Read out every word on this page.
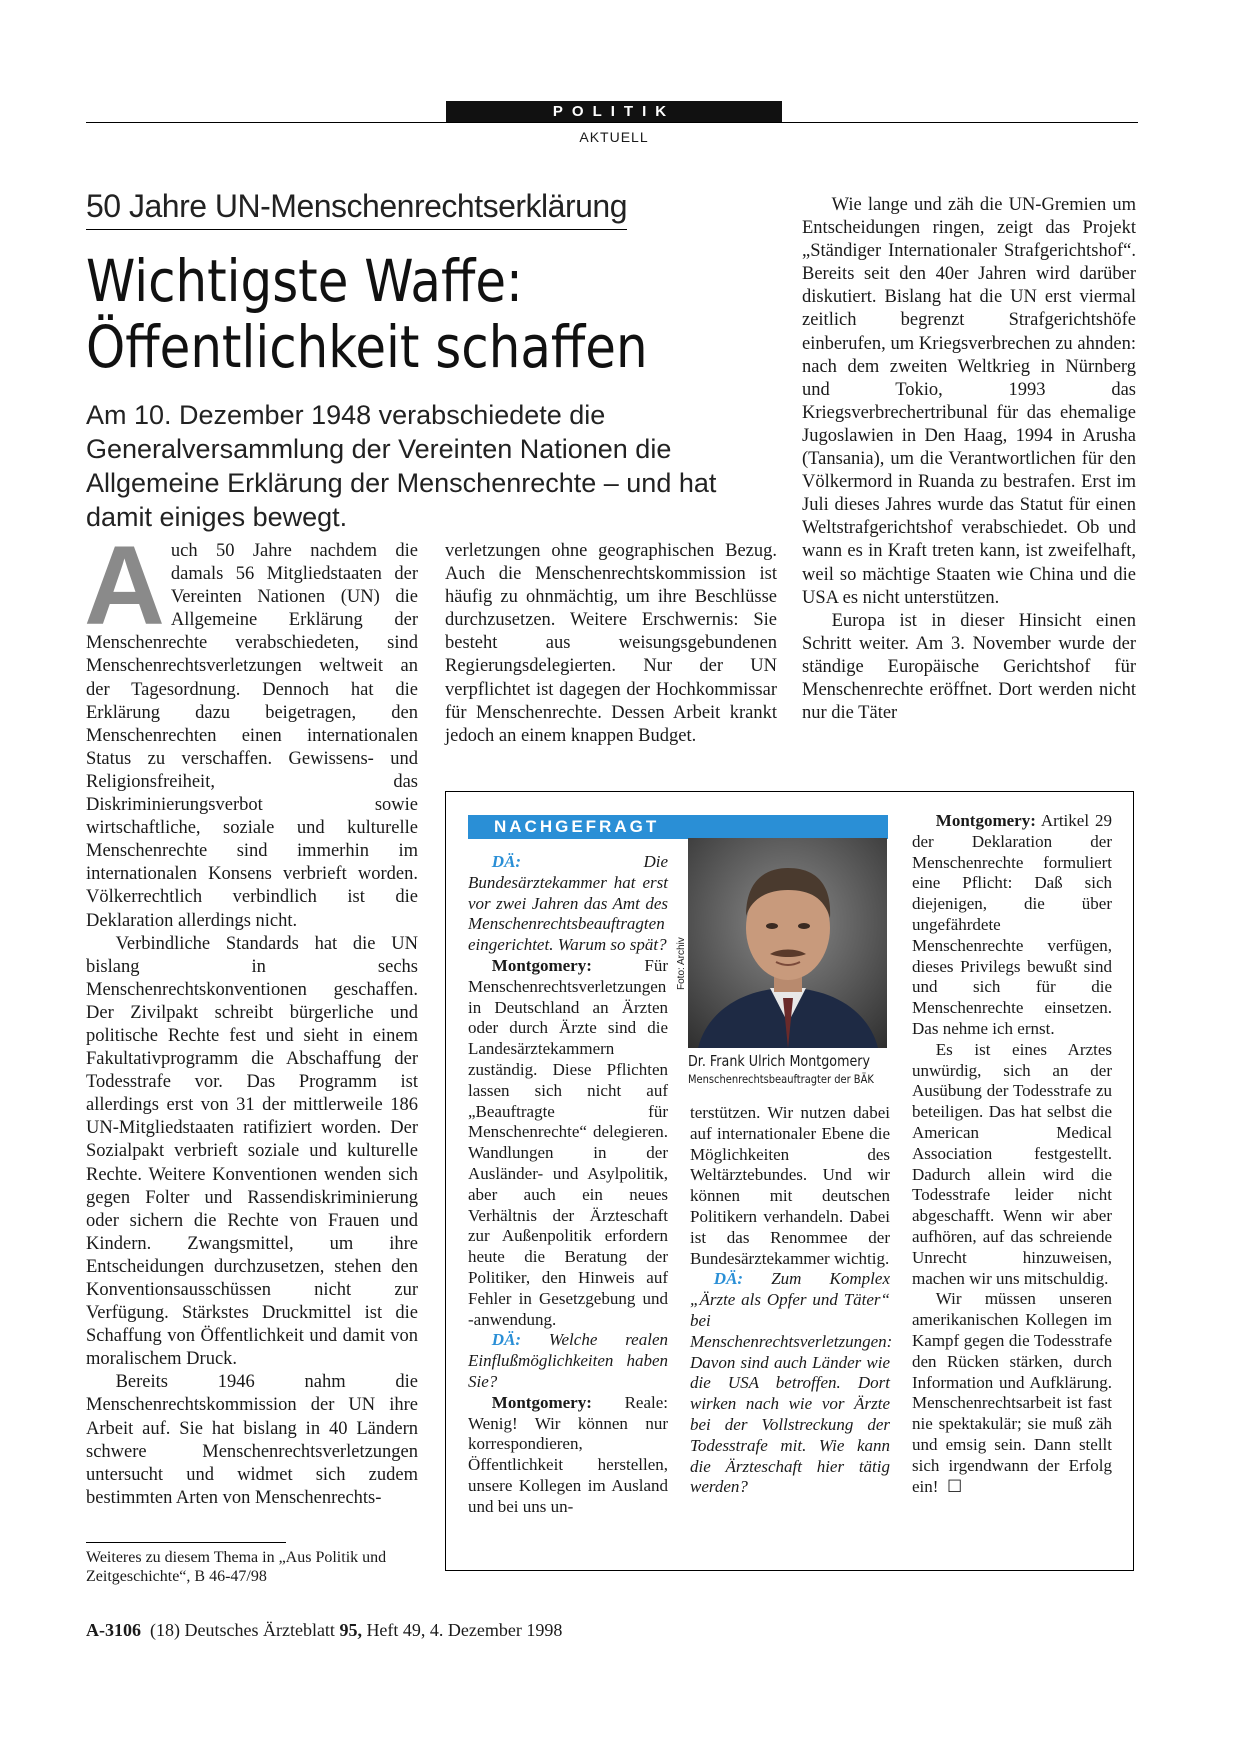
POLITIK
AKTUELL
50 Jahre UN-Menschenrechtserklärung
Wichtigste Waffe:
Öffentlichkeit schaffen
Am 10. Dezember 1948 verabschiedete die Generalversammlung der Vereinten Nationen die Allgemeine Erklärung der Menschenrechte – und hat damit einiges bewegt.

Auch 50 Jahre nachdem die damals 56 Mitgliedstaaten der Vereinten Nationen (UN) die Allgemeine Erklärung der Menschenrechte verabschiedeten, sind Menschenrechtsverletzungen weltweit an der Tagesordnung. Dennoch hat die Erklärung dazu beigetragen, den Menschenrechten einen internationalen Status zu verschaffen. Gewissens- und Religionsfreiheit, das Diskriminierungsverbot sowie wirtschaftliche, soziale und kulturelle Menschenrechte sind immerhin im internationalen Konsens verbrieft worden. Völkerrechtlich verbindlich ist die Deklaration allerdings nicht.

Verbindliche Standards hat die UN bislang in sechs Menschenrechtskonventionen geschaffen. Der Zivilpakt schreibt bürgerliche und politische Rechte fest und sieht in einem Fakultativprogramm die Abschaffung der Todesstrafe vor. Das Programm ist allerdings erst von 31 der mittlerweile 186 UN-Mitgliedstaaten ratifiziert worden. Der Sozialpakt verbrieft soziale und kulturelle Rechte. Weitere Konventionen wenden sich gegen Folter und Rassendiskriminierung oder sichern die Rechte von Frauen und Kindern. Zwangsmittel, um ihre Entscheidungen durchzusetzen, stehen den Konventionsausschüssen nicht zur Verfügung. Stärkstes Druckmittel ist die Schaffung von Öffentlichkeit und damit von moralischem Druck.

Bereits 1946 nahm die Menschenrechtskommission der UN ihre Arbeit auf. Sie hat bislang in 40 Ländern schwere Menschenrechtsverletzungen untersucht und widmet sich zudem bestimmten Arten von Menschenrechts-

verletzungen ohne geographischen Bezug. Auch die Menschenrechtskommission ist häufig zu ohnmächtig, um ihre Beschlüsse durchzusetzen. Weitere Erschwernis: Sie besteht aus weisungsgebundenen Regierungsdelegierten. Nur der UN verpflichtet ist dagegen der Hochkommissar für Menschenrechte. Dessen Arbeit krankt jedoch an einem knappen Budget.

Wie lange und zäh die UN-Gremien um Entscheidungen ringen, zeigt das Projekt „Ständiger Internationaler Strafgerichtshof“. Bereits seit den 40er Jahren wird darüber diskutiert. Bislang hat die UN erst viermal zeitlich begrenzt Strafgerichtshöfe einberufen, um Kriegsverbrechen zu ahnden: nach dem zweiten Weltkrieg in Nürnberg und Tokio, 1993 das Kriegsverbrechertribunal für das ehemalige Jugoslawien in Den Haag, 1994 in Arusha (Tansania), um die Verantwortlichen für den Völkermord in Ruanda zu bestrafen. Erst im Juli dieses Jahres wurde das Statut für einen Weltstrafgerichtshof verabschiedet. Ob und wann es in Kraft treten kann, ist zweifelhaft, weil so mächtige Staaten wie China und die USA es nicht unterstützen.

Europa ist in dieser Hinsicht einen Schritt weiter. Am 3. November wurde der ständige Europäische Gerichtshof für Menschenrechte eröffnet. Dort werden nicht nur die Täter

Weiteres zu diesem Thema in „Aus Politik und Zeitgeschichte“, B 46-47/98
NACHGEFRAGT
Foto: Archiv
Dr. Frank Ulrich Montgomery
Menschenrechtsbeauftragter der BÄK

DÄ:	Die Bundesärztekammer hat erst vor zwei Jahren das Amt des Menschenrechtsbeauftragten eingerichtet. Warum so spät?

Montgomery:	Für Menschenrechtsverletzungen in Deutschland an Ärzten oder durch Ärzte sind die Landesärztekammern zuständig. Diese Pflichten lassen sich nicht auf „Beauftragte für Menschenrechte“ delegieren. Wandlungen in der Ausländer- und Asylpolitik, aber auch ein neues Verhältnis der Ärzteschaft zur Außenpolitik erfordern heute die Beratung der Politiker, den Hinweis auf Fehler in Gesetzgebung und -anwendung.

DÄ: Welche realen Einflußmöglichkeiten haben Sie?

Montgomery: Reale: Wenig! Wir können nur korrespondieren, Öffentlichkeit herstellen, unsere Kollegen im Ausland und bei uns un-

terstützen. Wir nutzen dabei auf internationaler Ebene die Möglichkeiten des Weltärztebundes. Und wir können mit deutschen Politikern verhandeln. Dabei ist das Renommee der Bundesärztekammer wichtig.

DÄ: Zum Komplex „Ärzte als Opfer und Täter“ bei Menschenrechtsverletzungen: Davon sind auch Länder wie die USA betroffen. Dort wirken nach wie vor Ärzte bei der Vollstreckung der Todesstrafe mit. Wie kann die Ärzteschaft hier tätig werden?

Montgomery: Artikel 29 der Deklaration der Menschenrechte formuliert eine Pflicht: Daß sich diejenigen, die über ungefährdete Menschenrechte verfügen, dieses Privilegs bewußt sind und sich für die Menschenrechte einsetzen. Das nehme ich ernst.

Es ist eines Arztes unwürdig, sich an der Ausübung der Todesstrafe zu beteiligen. Das hat selbst die American Medical Association festgestellt. Dadurch allein wird die Todesstrafe leider nicht abgeschafft. Wenn wir aber aufhören, auf das schreiende Unrecht hinzuweisen, machen wir uns mitschuldig.

Wir müssen unseren amerikanischen Kollegen im Kampf gegen die Todesstrafe den Rücken stärken, durch Information und Aufklärung. Menschenrechtsarbeit ist fast nie spektakulär; sie muß zäh und emsig sein. Dann stellt sich irgendwann der Erfolg ein! ☐

A-3106 (18) Deutsches Ärzteblatt 95, Heft 49, 4. Dezember 1998
